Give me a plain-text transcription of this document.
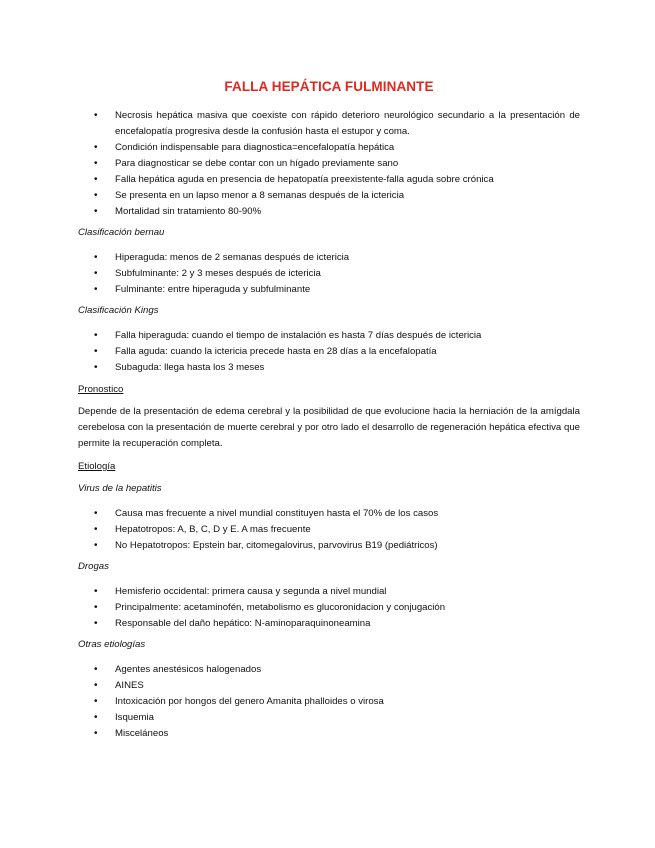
FALLA HEPÁTICA FULMINANTE
• Necrosis hepática masiva que coexiste con rápido deterioro neurológico secundario a la presentación de encefalopatía progresiva desde la confusión hasta el estupor y coma.
• Condición indispensable para diagnostica=encefalopatía hepática
• Para diagnosticar se debe contar con un hígado previamente sano
• Falla hepática aguda en presencia de hepatopatía preexistente-falla aguda sobre crónica
• Se presenta en un lapso menor a 8 semanas después de la ictericia
• Mortalidad sin tratamiento 80-90%
Clasificación bernau
• Hiperaguda: menos de 2 semanas después de ictericia
• Subfulminante: 2 y 3 meses después de ictericia
• Fulminante: entre hiperaguda y subfulminante
Clasificación Kings
• Falla hiperaguda: cuando el tiempo de instalación es hasta 7 días después de ictericia
• Falla aguda: cuando la ictericia precede hasta en 28 días a la encefalopatía
• Subaguda: llega hasta los 3 meses
Pronostico

Depende de la presentación de edema cerebral y la posibilidad de que evolucione hacia la herniación de la amígdala cerebelosa con la presentación de muerte cerebral y por otro lado el desarrollo de regeneración hepática efectiva que permite la recuperación completa.

Etiología
Virus de la hepatitis
• Causa mas frecuente a nivel mundial constituyen hasta el 70% de los casos
• Hepatotropos: A, B, C, D y E. A mas frecuente
• No Hepatotropos: Epstein bar, citomegalovirus, parvovirus B19 (pediátricos)
Drogas
• Hemisferio occidental: primera causa y segunda a nivel mundial
• Principalmente: acetaminofén, metabolismo es glucoronidacion y conjugación
• Responsable del daño hepático: N-aminoparaquinoneamina
Otras etiologías
• Agentes anestésicos halogenados
• AINES
• Intoxicación por hongos del genero Amanita phalloides o virosa
• Isquemia
• Misceláneos
